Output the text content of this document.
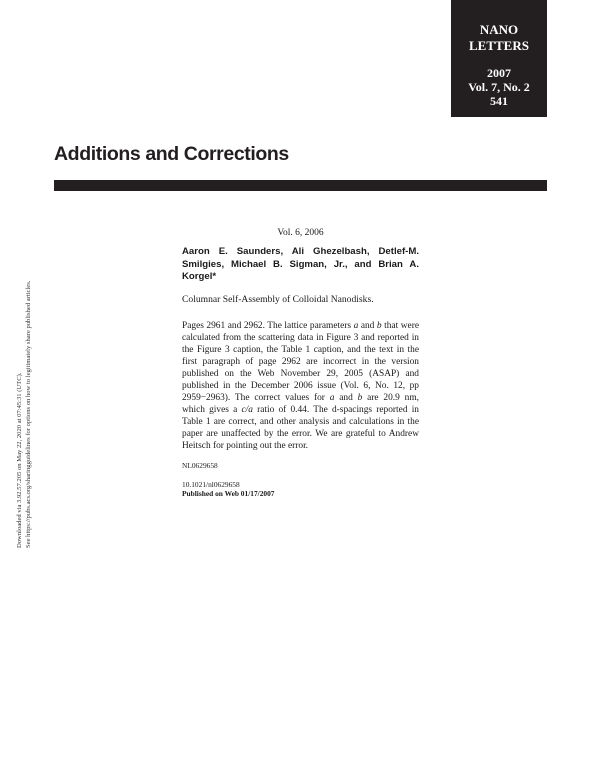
NANO
LETTERS
2007
Vol. 7, No. 2
541
Additions and Corrections
Downloaded via 3.92.57.205 on May 22, 2020 at 07:45:31 (UTC). See https://pubs.acs.org/sharingguidelines for options on how to legitimately share published articles.

Vol. 6, 2006

Aaron E. Saunders, Ali Ghezelbash, Detlef-M. Smilgies, Michael B. Sigman, Jr., and Brian A. Korgel*

Columnar Self-Assembly of Colloidal Nanodisks.

Pages 2961 and 2962. The lattice parameters a and b that were calculated from the scattering data in Figure 3 and reported in the Figure 3 caption, the Table 1 caption, and the text in the first paragraph of page 2962 are incorrect in the version published on the Web November 29, 2005 (ASAP) and published in the December 2006 issue (Vol. 6, No. 12, pp 2959−2963). The correct values for a and b are 20.9 nm, which gives a c/a ratio of 0.44. The d-spacings reported in Table 1 are correct, and other analysis and calculations in the paper are unaffected by the error. We are grateful to Andrew Heitsch for pointing out the error.

NL0629658

10.1021/nl0629658

Published on Web 01/17/2007
